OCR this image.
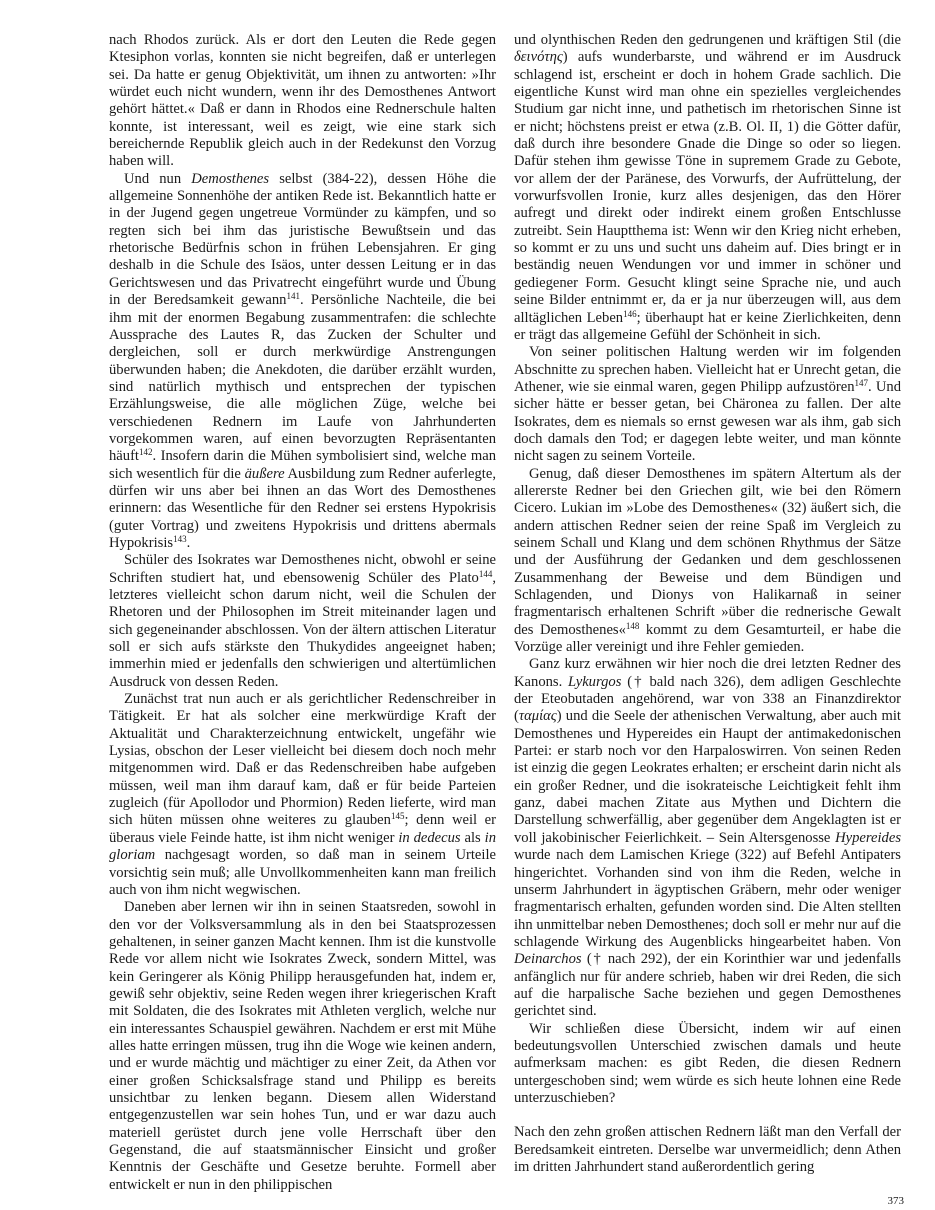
nach Rhodos zurück. Als er dort den Leuten die Rede gegen Ktesiphon vorlas, konnten sie nicht begreifen, daß er unterlegen sei. Da hatte er genug Objektivität, um ihnen zu antworten: »Ihr würdet euch nicht wundern, wenn ihr des Demosthenes Antwort gehört hättet.« Daß er dann in Rhodos eine Rednerschule halten konnte, ist interessant, weil es zeigt, wie eine stark sich bereichernde Republik gleich auch in der Redekunst den Vorzug haben will.

Und nun Demosthenes selbst (384-22), dessen Höhe die allgemeine Sonnenhöhe der antiken Rede ist. Bekanntlich hatte er in der Jugend gegen ungetreue Vormünder zu kämpfen, und so regten sich bei ihm das juristische Bewußtsein und das rhetorische Bedürfnis schon in frühen Lebensjahren. Er ging deshalb in die Schule des Isäos, unter dessen Leitung er in das Gerichtswesen und das Privatrecht eingeführt wurde und Übung in der Beredsamkeit gewann$^{141}$. Persönliche Nachteile, die bei ihm mit der enormen Begabung zusammentrafen: die schlechte Aussprache des Lautes R, das Zucken der Schulter und dergleichen, soll er durch merkwürdige Anstrengungen überwunden haben; die Anekdoten, die darüber erzählt wurden, sind natürlich mythisch und entsprechen der typischen Erzählungsweise, die alle möglichen Züge, welche bei verschiedenen Rednern im Laufe von Jahrhunderten vorgekommen waren, auf einen bevorzugten Repräsentanten häuft$^{142}$. Insofern darin die Mühen symbolisiert sind, welche man sich wesentlich für die äußere Ausbildung zum Redner auferlegte, dürfen wir uns aber bei ihnen an das Wort des Demosthenes erinnern: das Wesentliche für den Redner sei erstens Hypokrisis (guter Vortrag) und zweitens Hypokrisis und drittens abermals Hypokrisis$^{143}$.

Schüler des Isokrates war Demosthenes nicht, obwohl er seine Schriften studiert hat, und ebensowenig Schüler des Plato$^{144}$, letzteres vielleicht schon darum nicht, weil die Schulen der Rhetoren und der Philosophen im Streit miteinander lagen und sich gegeneinander abschlossen. Von der ältern attischen Literatur soll er sich aufs stärkste den Thukydides angeeignet haben; immerhin mied er jedenfalls den schwierigen und altertümlichen Ausdruck von dessen Reden.

Zunächst trat nun auch er als gerichtlicher Redenschreiber in Tätigkeit. Er hat als solcher eine merkwürdige Kraft der Aktualität und Charakterzeichnung entwickelt, ungefähr wie Lysias, obschon der Leser vielleicht bei diesem doch noch mehr mitgenommen wird. Daß er das Redenschreiben habe aufgeben müssen, weil man ihm darauf kam, daß er für beide Parteien zugleich (für Apollodor und Phormion) Reden lieferte, wird man sich hüten müssen ohne weiteres zu glauben$^{145}$; denn weil er überaus viele Feinde hatte, ist ihm nicht weniger in dedecus als in gloriam nachgesagt worden, so daß man in seinem Urteile vorsichtig sein muß; alle Unvollkommenheiten kann man freilich auch von ihm nicht wegwischen.

Daneben aber lernen wir ihn in seinen Staatsreden, sowohl in den vor der Volksversammlung als in den bei Staatsprozessen gehaltenen, in seiner ganzen Macht kennen. Ihm ist die kunstvolle Rede vor allem nicht wie Isokrates Zweck, sondern Mittel, was kein Geringerer als König Philipp herausgefunden hat, indem er, gewiß sehr objektiv, seine Reden wegen ihrer kriegerischen Kraft mit Soldaten, die des Isokrates mit Athleten verglich, welche nur ein interessantes Schauspiel gewähren. Nachdem er erst mit Mühe alles hatte erringen müssen, trug ihn die Woge wie keinen andern, und er wurde mächtig und mächtiger zu einer Zeit, da Athen vor einer großen Schicksalsfrage stand und Philipp es bereits unsichtbar zu lenken begann. Diesem allen Widerstand entgegenzustellen war sein hohes Tun, und er war dazu auch materiell gerüstet durch jene volle Herrschaft über den Gegenstand, die auf staatsmännischer Einsicht und großer Kenntnis der Geschäfte und Gesetze beruhte. Formell aber entwickelt er nun in den philippischen

und olynthischen Reden den gedrungenen und kräftigen Stil (die δεινότης) aufs wunderbarste, und während er im Ausdruck schlagend ist, erscheint er doch in hohem Grade sachlich. Die eigentliche Kunst wird man ohne ein spezielles vergleichendes Studium gar nicht inne, und pathetisch im rhetorischen Sinne ist er nicht; höchstens preist er etwa (z.B. Ol. II, 1) die Götter dafür, daß durch ihre besondere Gnade die Dinge so oder so liegen. Dafür stehen ihm gewisse Töne in supremem Grade zu Gebote, vor allem der der Paränese, des Vorwurfs, der Aufrüttelung, der vorwurfsvollen Ironie, kurz alles desjenigen, das den Hörer aufregt und direkt oder indirekt einem großen Entschlusse zutreibt. Sein Hauptthema ist: Wenn wir den Krieg nicht erheben, so kommt er zu uns und sucht uns daheim auf. Dies bringt er in beständig neuen Wendungen vor und immer in schöner und gediegener Form. Gesucht klingt seine Sprache nie, und auch seine Bilder entnimmt er, da er ja nur überzeugen will, aus dem alltäglichen Leben$^{146}$; überhaupt hat er keine Zierlichkeiten, denn er trägt das allgemeine Gefühl der Schönheit in sich.

Von seiner politischen Haltung werden wir im folgenden Abschnitte zu sprechen haben. Vielleicht hat er Unrecht getan, die Athener, wie sie einmal waren, gegen Philipp aufzustören$^{147}$. Und sicher hätte er besser getan, bei Chäronea zu fallen. Der alte Isokrates, dem es niemals so ernst gewesen war als ihm, gab sich doch damals den Tod; er dagegen lebte weiter, und man könnte nicht sagen zu seinem Vorteile.

Genug, daß dieser Demosthenes im spätern Altertum als der allererste Redner bei den Griechen gilt, wie bei den Römern Cicero. Lukian im »Lobe des Demosthenes« (32) äußert sich, die andern attischen Redner seien der reine Spaß im Vergleich zu seinem Schall und Klang und dem schönen Rhythmus der Sätze und der Ausführung der Gedanken und dem geschlossenen Zusammenhang der Beweise und dem Bündigen und Schlagenden, und Dionys von Halikarnaß in seiner fragmentarisch erhaltenen Schrift »über die rednerische Gewalt des Demosthenes«$^{148}$ kommt zu dem Gesamturteil, er habe die Vorzüge aller vereinigt und ihre Fehler gemieden.

Ganz kurz erwähnen wir hier noch die drei letzten Redner des Kanons. Lykurgos († bald nach 326), dem adligen Geschlechte der Eteobutaden angehörend, war von 338 an Finanzdirektor (ταμίας) und die Seele der athenischen Verwaltung, aber auch mit Demosthenes und Hypereides ein Haupt der antimakedonischen Partei: er starb noch vor den Harpaloswirren. Von seinen Reden ist einzig die gegen Leokrates erhalten; er erscheint darin nicht als ein großer Redner, und die isokrateische Leichtigkeit fehlt ihm ganz, dabei machen Zitate aus Mythen und Dichtern die Darstellung schwerfällig, aber gegenüber dem Angeklagten ist er voll jakobinischer Feierlichkeit. – Sein Altersgenosse Hypereides wurde nach dem Lamischen Kriege (322) auf Befehl Antipaters hingerichtet. Vorhanden sind von ihm die Reden, welche in unserm Jahrhundert in ägyptischen Gräbern, mehr oder weniger fragmentarisch erhalten, gefunden worden sind. Die Alten stellten ihn unmittelbar neben Demosthenes; doch soll er mehr nur auf die schlagende Wirkung des Augenblicks hingearbeitet haben. Von Deinarchos († nach 292), der ein Korinthier war und jedenfalls anfänglich nur für andere schrieb, haben wir drei Reden, die sich auf die harpalische Sache beziehen und gegen Demosthenes gerichtet sind.

Wir schließen diese Übersicht, indem wir auf einen bedeutungsvollen Unterschied zwischen damals und heute aufmerksam machen: es gibt Reden, die diesen Rednern untergeschoben sind; wem würde es sich heute lohnen eine Rede unterzuschieben?

Nach den zehn großen attischen Rednern läßt man den Verfall der Beredsamkeit eintreten. Derselbe war unvermeidlich; denn Athen im dritten Jahrhundert stand außerordentlich gering

373
